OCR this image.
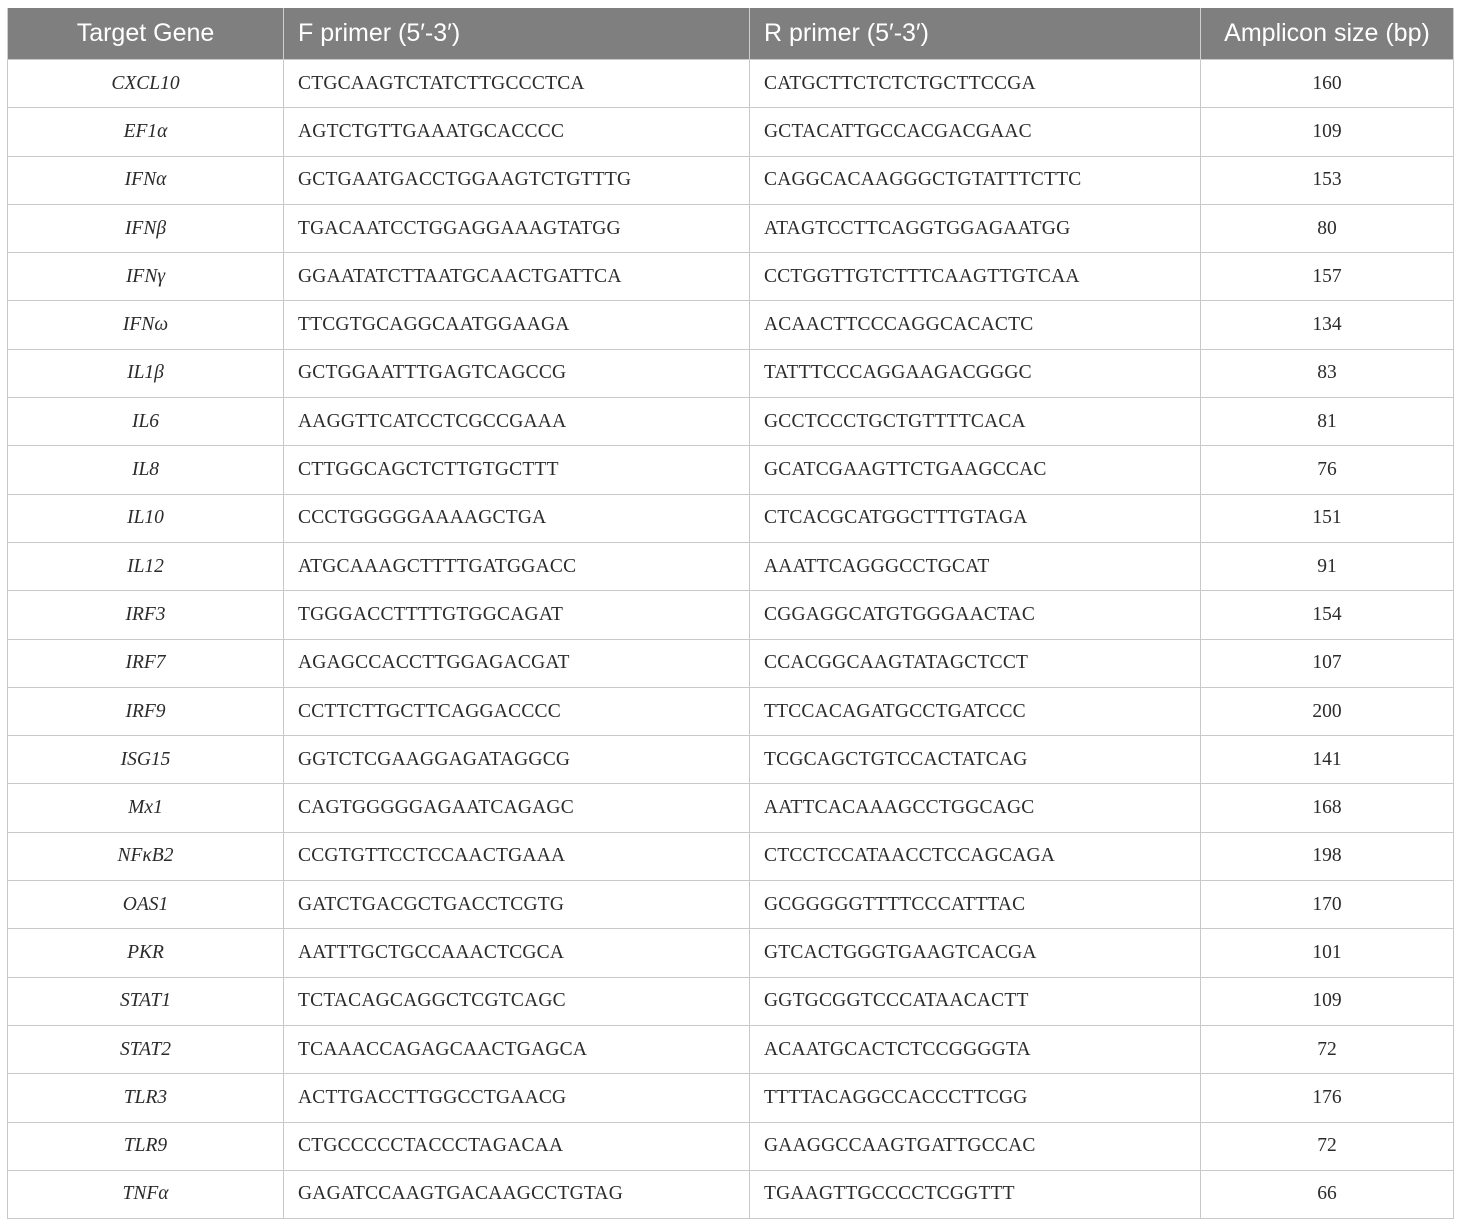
Target Gene	F primer (5′-3′)	R primer (5′-3′)	Amplicon size (bp)
CXCL10	CTGCAAGTCTATCTTGCCCTCA	CATGCTTCTCTCTGCTTCCGA	160
EF1α	AGTCTGTTGAAATGCACCCC	GCTACATTGCCACGACGAAC	109
IFNα	GCTGAATGACCTGGAAGTCTGTTTG	CAGGCACAAGGGCTGTATTTCTTC	153
IFNβ	TGACAATCCTGGAGGAAAGTATGG	ATAGTCCTTCAGGTGGAGAATGG	80
IFNγ	GGAATATCTTAATGCAACTGATTCA	CCTGGTTGTCTTTCAAGTTGTCAA	157
IFNω	TTCGTGCAGGCAATGGAAGA	ACAACTTCCCAGGCACACTC	134
IL1β	GCTGGAATTTGAGTCAGCCG	TATTTCCCAGGAAGACGGGC	83
IL6	AAGGTTCATCCTCGCCGAAA	GCCTCCCTGCTGTTTTCACA	81
IL8	CTTGGCAGCTCTTGTGCTTT	GCATCGAAGTTCTGAAGCCAC	76
IL10	CCCTGGGGGAAAAGCTGA	CTCACGCATGGCTTTGTAGA	151
IL12	ATGCAAAGCTTTTGATGGACC	AAATTCAGGGCCTGCAT	91
IRF3	TGGGACCTTTTGTGGCAGAT	CGGAGGCATGTGGGAACTAC	154
IRF7	AGAGCCACCTTGGAGACGAT	CCACGGCAAGTATAGCTCCT	107
IRF9	CCTTCTTGCTTCAGGACCCC	TTCCACAGATGCCTGATCCC	200
ISG15	GGTCTCGAAGGAGATAGGCG	TCGCAGCTGTCCACTATCAG	141
Mx1	CAGTGGGGGAGAATCAGAGC	AATTCACAAAGCCTGGCAGC	168
NFκB2	CCGTGTTCCTCCAACTGAAA	CTCCTCCATAACCTCCAGCAGA	198
OAS1	GATCTGACGCTGACCTCGTG	GCGGGGGTTTTCCCATTTAC	170
PKR	AATTTGCTGCCAAACTCGCA	GTCACTGGGTGAAGTCACGA	101
STAT1	TCTACAGCAGGCTCGTCAGC	GGTGCGGTCCCATAACACTT	109
STAT2	TCAAACCAGAGCAACTGAGCA	ACAATGCACTCTCCGGGGTA	72
TLR3	ACTTGACCTTGGCCTGAACG	TTTTACAGGCCACCCTTCGG	176
TLR9	CTGCCCCCTACCCTAGACAA	GAAGGCCAAGTGATTGCCAC	72
TNFα	GAGATCCAAGTGACAAGCCTGTAG	TGAAGTTGCCCCTCGGTTT	66
